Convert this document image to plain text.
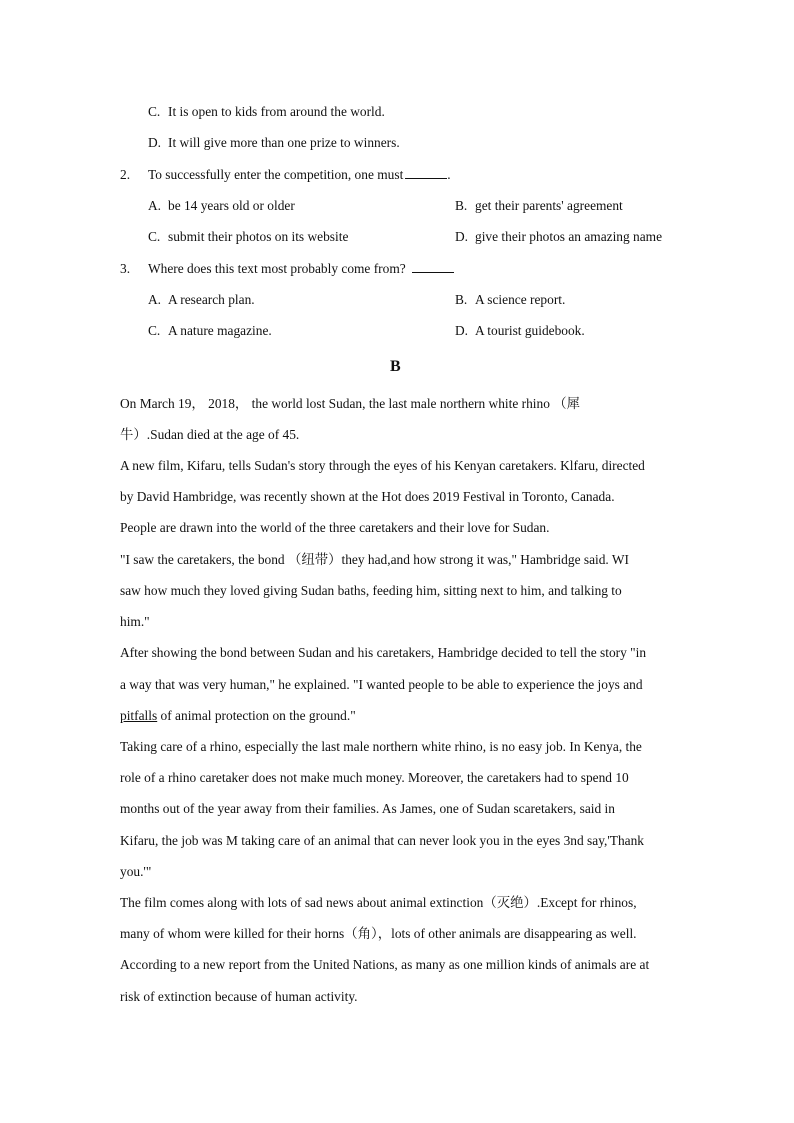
C. It is open to kids from around the world.
D. It will give more than one prize to winners.
2. To successfully enter the competition, one must	.
A. be 14 years old or older	B. get their parents' agreement
C. submit their photos on its website	D. give their photos an amazing name
3. Where does this text most probably come from?
A. A research plan.	B. A science report.
C. A nature magazine.	D. A tourist guidebook.
B
On March 19， 2018， the world lost Sudan, the last male northern white rhino （犀
牛）.Sudan died at the age of 45.
A new film, Kifaru, tells Sudan's story through the eyes of his Kenyan caretakers. Klfaru, directed
by David Hambridge, was recently shown at the Hot does 2019 Festival in Toronto, Canada.
People are drawn into the world of the three caretakers and their love for Sudan.
"I saw the caretakers, the bond （纽带）they had,and how strong it was," Hambridge said. WI
saw how much they loved giving Sudan baths, feeding him, sitting next to him, and talking to
him."
After showing the bond between Sudan and his caretakers, Hambridge decided to tell the story "in
a way that was very human," he explained. "I wanted people to be able to experience the joys and
pitfalls of animal protection on the ground."
Taking care of a rhino, especially the last male northern white rhino, is no easy job. In Kenya, the
role of a rhino caretaker does not make much money. Moreover, the caretakers had to spend 10
months out of the year away from their families. As James, one of Sudan scaretakers, said in
Kifaru, the job was M taking care of an animal that can never look you in the eyes 3nd say,'Thank
you.'"
The film comes along with lots of sad news about animal extinction（灭绝）.Except for rhinos,
many of whom were killed for their horns（角），lots of other animals are disappearing as well.
According to a new report from the United Nations, as many as one million kinds of animals are at
risk of extinction because of human activity.
